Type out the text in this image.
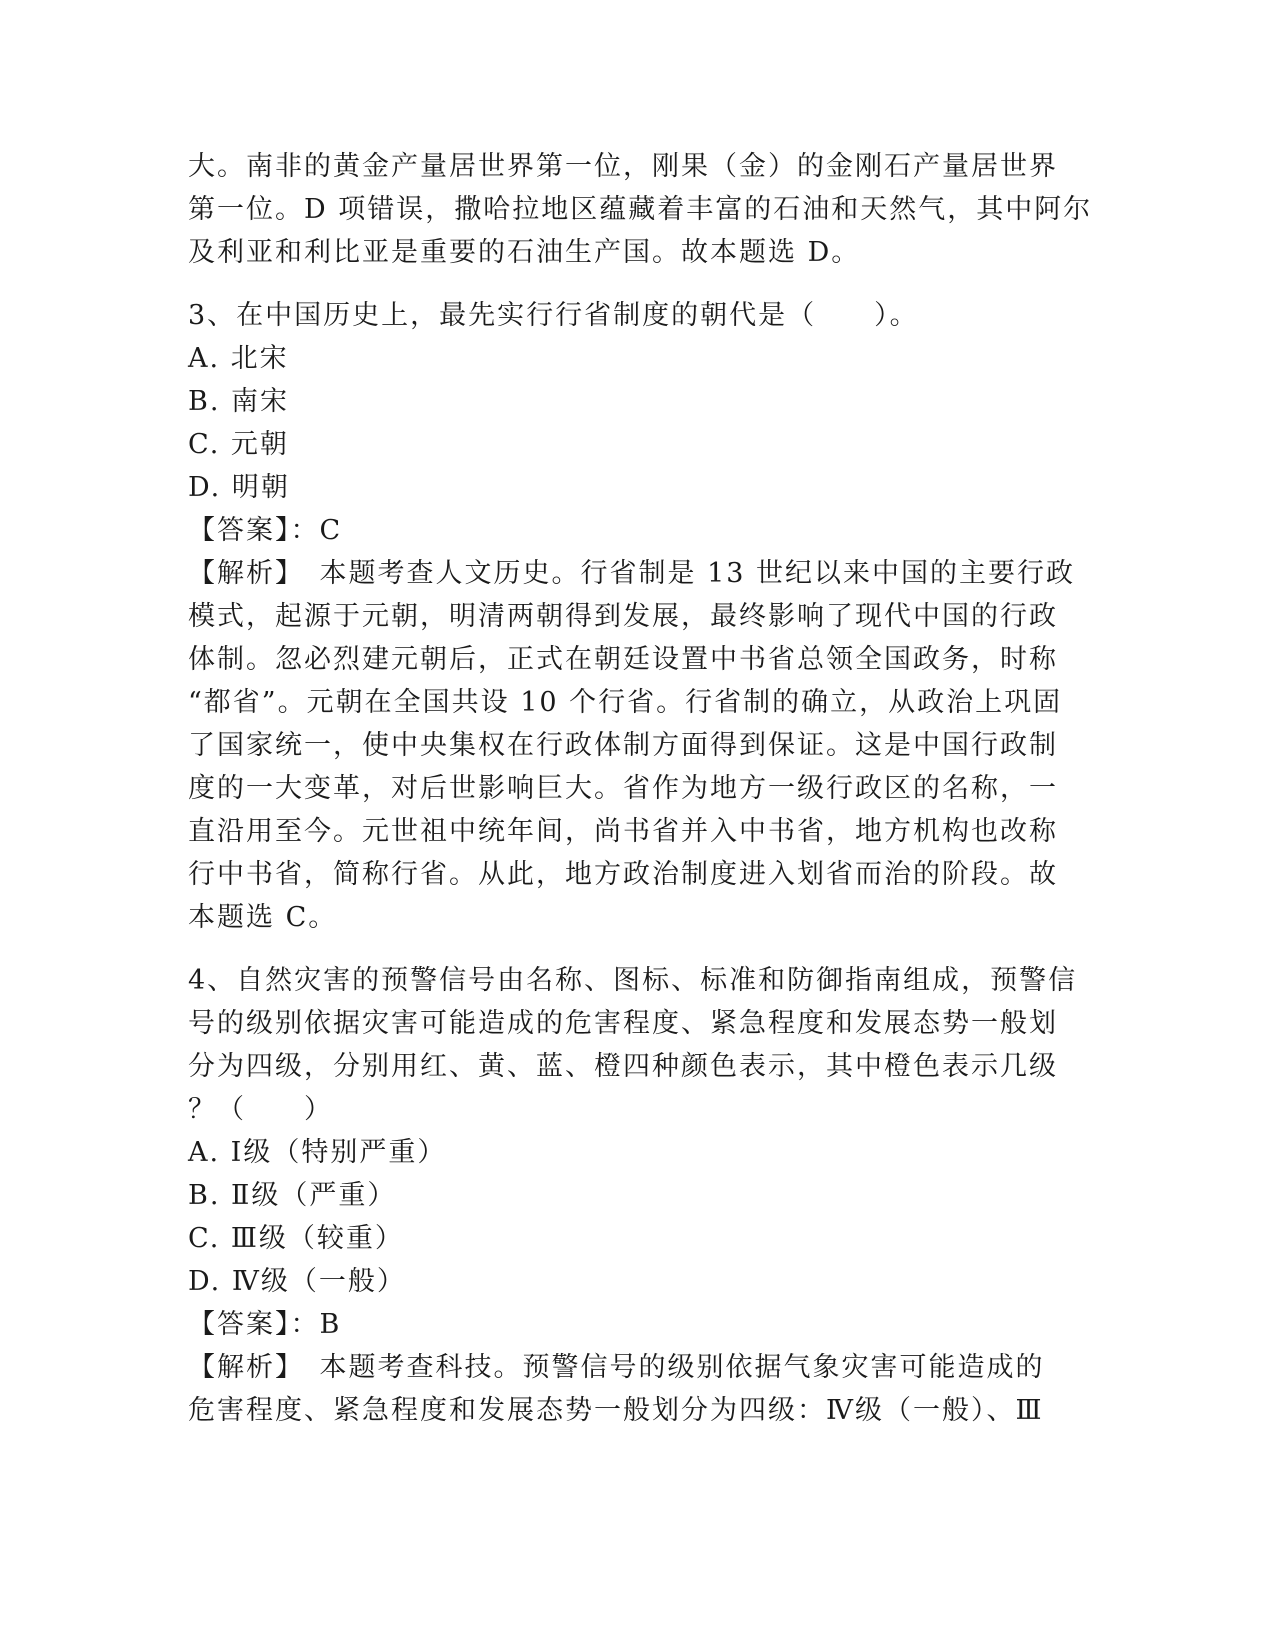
大。南非的黄金产量居世界第一位，刚果（金）的金刚石产量居世界
第一位。D 项错误，撒哈拉地区蕴藏着丰富的石油和天然气，其中阿尔
及利亚和利比亚是重要的石油生产国。故本题选 D。
3、在中国历史上，最先实行行省制度的朝代是（　　）。
A. 北宋
B. 南宋
C. 元朝
D. 明朝
【答案】：C
【解析】　本题考查人文历史。行省制是 13 世纪以来中国的主要行政
模式，起源于元朝，明清两朝得到发展，最终影响了现代中国的行政
体制。忽必烈建元朝后，正式在朝廷设置中书省总领全国政务，时称
“都省”。元朝在全国共设 10 个行省。行省制的确立，从政治上巩固
了国家统一，使中央集权在行政体制方面得到保证。这是中国行政制
度的一大变革，对后世影响巨大。省作为地方一级行政区的名称，一
直沿用至今。元世祖中统年间，尚书省并入中书省，地方机构也改称
行中书省，简称行省。从此，地方政治制度进入划省而治的阶段。故
本题选 C。
4、自然灾害的预警信号由名称、图标、标准和防御指南组成，预警信
号的级别依据灾害可能造成的危害程度、紧急程度和发展态势一般划
分为四级，分别用红、黄、蓝、橙四种颜色表示，其中橙色表示几级
？（　　）
A. Ⅰ级（特别严重）
B. Ⅱ级（严重）
C. Ⅲ级（较重）
D. Ⅳ级（一般）
【答案】：B
【解析】　本题考查科技。预警信号的级别依据气象灾害可能造成的
危害程度、紧急程度和发展态势一般划分为四级：Ⅳ级（一般）、Ⅲ
